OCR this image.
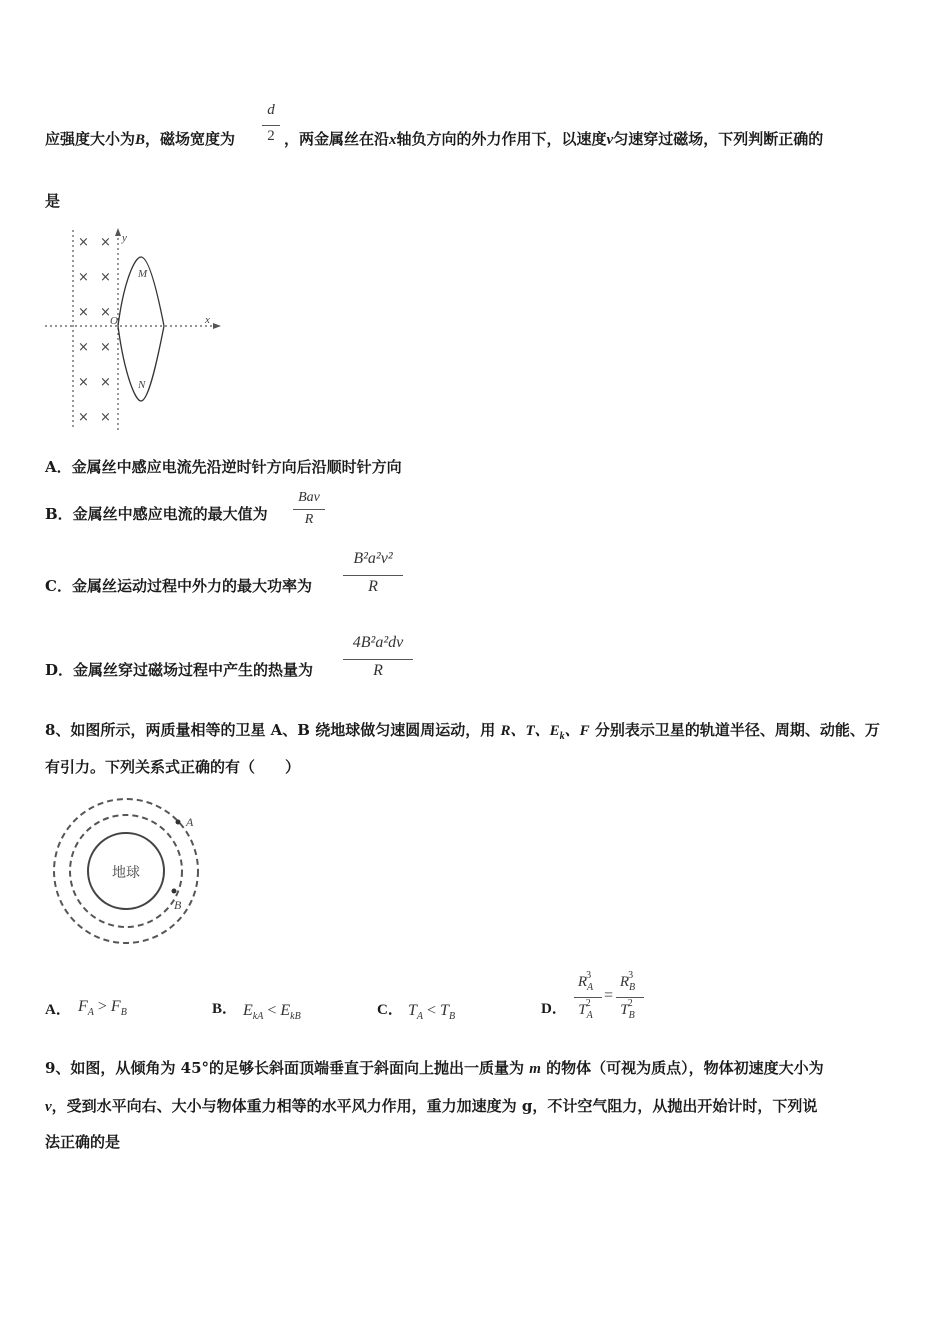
应强度大小为B，磁场宽度为
d
2 ，两金属丝在沿x轴负方向的外力作用下，以速度v匀速穿过磁场，下列判断正确的
是
× ×
× ×
× ×
× ×
× ×
× ×
y
x
O
M
N
A．金属丝中感应电流先沿逆时针方向后沿顺时针方向
B．金属丝中感应电流的最大值为
Bav
R
C．金属丝运动过程中外力的最大功率为
B²a²v²
R
D．金属丝穿过磁场过程中产生的热量为
4B²a²dv
R
8、如图所示，两质量相等的卫星 A、B 绕地球做匀速圆周运动，用 R、T、$E_k$、F 分别表示卫星的轨道半径、周期、动能、万
有引力。下列关系式正确的有（　　）
地球
A
B
A． $F_A > F_B$	B． $E_{kA} < E_{kB}$	C． $T_A < T_B$	D．
$R_A^3$
$T_A^2$ =
$R_B^3$
$T_B^2$
9、如图，从倾角为 45°的足够长斜面顶端垂直于斜面向上抛出一质量为 m 的物体（可视为质点），物体初速度大小为
v，受到水平向右、大小与物体重力相等的水平风力作用，重力加速度为 g，不计空气阻力，从抛出开始计时，下列说
法正确的是
